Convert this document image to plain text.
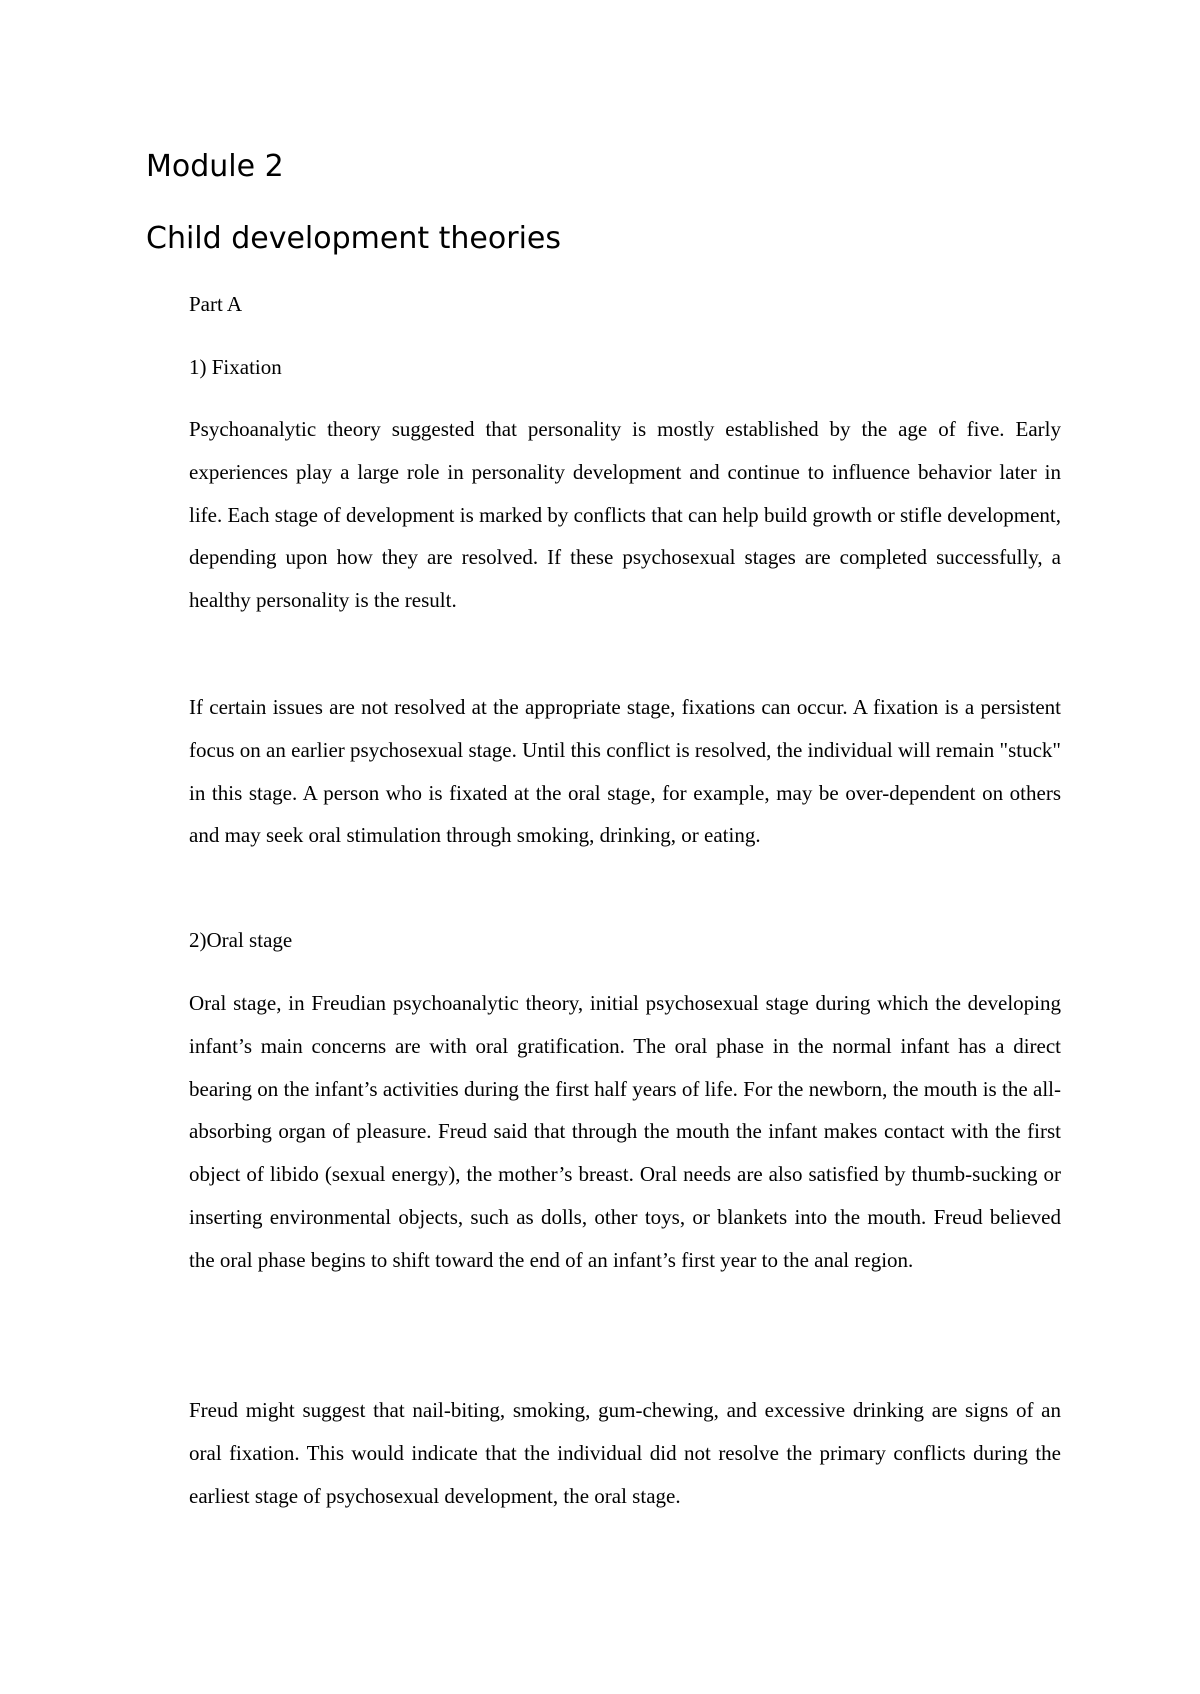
Module 2
Child development theories

Part A

1) Fixation

Psychoanalytic theory suggested that personality is mostly established by the age of five. Early experiences play a large role in personality development and continue to influence behavior later in life. Each stage of development is marked by conflicts that can help build growth or stifle development, depending upon how they are resolved. If these psychosexual stages are completed successfully, a healthy personality is the result.

If certain issues are not resolved at the appropriate stage, fixations can occur. A fixation is a persistent focus on an earlier psychosexual stage. Until this conflict is resolved, the individual will remain "stuck" in this stage. A person who is fixated at the oral stage, for example, may be over-dependent on others and may seek oral stimulation through smoking, drinking, or eating.

2)Oral stage

Oral stage, in Freudian psychoanalytic theory, initial psychosexual stage during which the developing infant’s main concerns are with oral gratification. The oral phase in the normal infant has a direct bearing on the infant’s activities during the first half years of life. For the newborn, the mouth is the all-absorbing organ of pleasure. Freud said that through the mouth the infant makes contact with the first object of libido (sexual energy), the mother’s breast. Oral needs are also satisfied by thumb-sucking or inserting environmental objects, such as dolls, other toys, or blankets into the mouth. Freud believed the oral phase begins to shift toward the end of an infant’s first year to the anal region.

Freud might suggest that nail-biting, smoking, gum-chewing, and excessive drinking are signs of an oral fixation. This would indicate that the individual did not resolve the primary conflicts during the earliest stage of psychosexual development, the oral stage.
